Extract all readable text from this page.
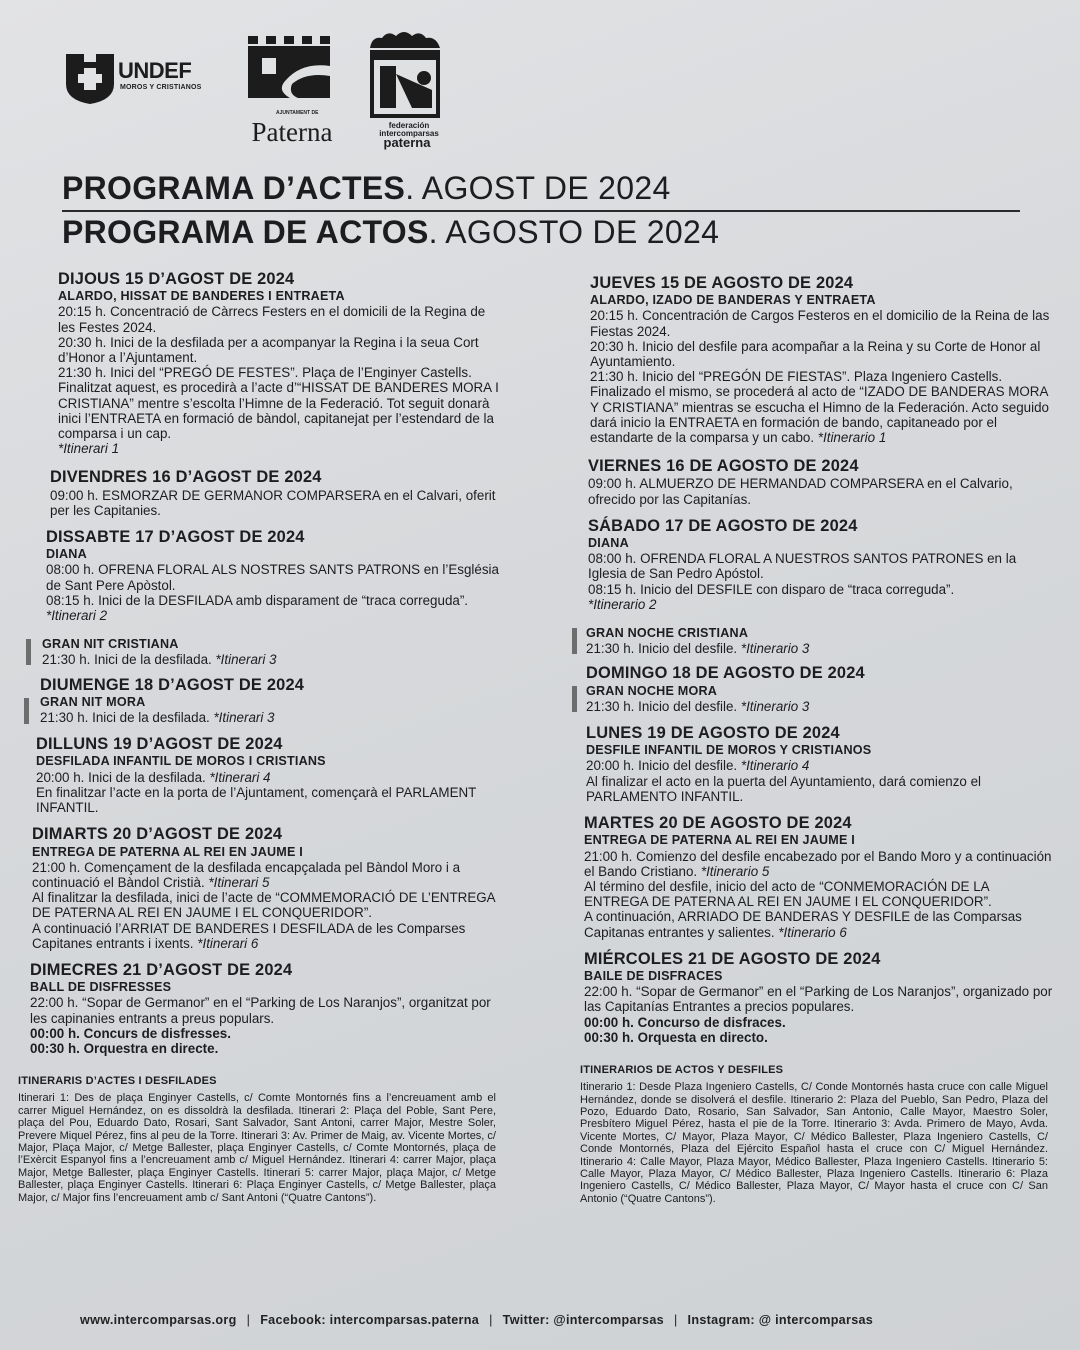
UNDEF
MOROS Y CRISTIANOS
AJUNTAMENT DE
Paterna	federación intercomparsas
paterna
PROGRAMA D’ACTES. AGOST DE 2024
PROGRAMA DE ACTOS. AGOSTO DE 2024
DIJOUS 15 D’AGOST DE 2024
ALARDO, HISSAT DE BANDERES I ENTRAETA
20:15 h. Concentració de Càrrecs Festers en el domicili de la Regina de les Festes 2024.
20:30 h. Inici de la desfilada per a acompanyar la Regina i la seua Cort d’Honor a l’Ajuntament.
21:30 h. Inici del “PREGÓ DE FESTES”. Plaça de l’Enginyer Castells. Finalitzat aquest, es procedirà a l’acte d’“HISSAT DE BANDERES MORA I CRISTIANA” mentre s’escolta l’Himne de la Federació. Tot seguit donarà inici l’ENTRAETA en formació de bàndol, capitanejat per l’estendard de la comparsa i un cap.
*Itinerari 1
DIVENDRES 16 D’AGOST DE 2024
09:00 h. ESMORZAR DE GERMANOR COMPARSERA en el Calvari, oferit per les Capitanies.
DISSABTE 17 D’AGOST DE 2024
DIANA
08:00 h. OFRENA FLORAL ALS NOSTRES SANTS PATRONS en l’Església de Sant Pere Apòstol.
08:15 h. Inici de la DESFILADA amb disparament de “traca correguda”.
*Itinerari 2
GRAN NIT CRISTIANA
21:30 h. Inici de la desfilada. *Itinerari 3
DIUMENGE 18 D’AGOST DE 2024
GRAN NIT MORA
21:30 h. Inici de la desfilada. *Itinerari 3
DILLUNS 19 D’AGOST DE 2024
DESFILADA INFANTIL DE MOROS I CRISTIANS
20:00 h. Inici de la desfilada. *Itinerari 4
En finalitzar l’acte en la porta de l’Ajuntament, començarà el PARLAMENT INFANTIL.
DIMARTS 20 D’AGOST DE 2024
ENTREGA DE PATERNA AL REI EN JAUME I
21:00 h. Començament de la desfilada encapçalada pel Bàndol Moro i a continuació el Bàndol Cristià. *Itinerari 5
Al finalitzar la desfilada, inici de l’acte de “COMMEMORACIÓ DE L’ENTREGA DE PATERNA AL REI EN JAUME I EL CONQUERIDOR”.
A continuació l’ARRIAT DE BANDERES I DESFILADA de les Comparses Capitanes entrants i ixents. *Itinerari 6
DIMECRES 21 D’AGOST DE 2024
BALL DE DISFRESSES
22:00 h. “Sopar de Germanor” en el “Parking de Los Naranjos”, organitzat por les capinanies entrants a preus populars.
00:00 h. Concurs de disfresses.
00:30 h. Orquestra en directe.
ITINERARIS D’ACTES I DESFILADES
Itinerari 1: Des de plaça Enginyer Castells, c/ Comte Montornés fins a l’encreuament amb el carrer Miguel Hernández, on es dissoldrà la desfilada. Itinerari 2: Plaça del Poble, Sant Pere, plaça del Pou, Eduardo Dato, Rosari, Sant Salvador, Sant Antoni, carrer Major, Mestre Soler, Prevere Miquel Pérez, fins al peu de la Torre. Itinerari 3: Av. Primer de Maig, av. Vicente Mortes, c/ Major, Plaça Major, c/ Metge Ballester, plaça Enginyer Castells, c/ Comte Montornés, plaça de l’Exèrcit Espanyol fins a l’encreuament amb c/ Miguel Hernández. Itinerari 4: carrer Major, plaça Major, Metge Ballester, plaça Enginyer Castells. Itinerari 5: carrer Major, plaça Major, c/ Metge Ballester, plaça Enginyer Castells. Itinerari 6: Plaça Enginyer Castells, c/ Metge Ballester, plaça Major, c/ Major fins l’encreuament amb c/ Sant Antoni (“Quatre Cantons”).
JUEVES 15 DE AGOSTO DE 2024
ALARDO, IZADO DE BANDERAS Y ENTRAETA
20:15 h. Concentración de Cargos Festeros en el domicilio de la Reina de las Fiestas 2024.
20:30 h. Inicio del desfile para acompañar a la Reina y su Corte de Honor al Ayuntamiento.
21:30 h. Inicio del “PREGÓN DE FIESTAS”. Plaza Ingeniero Castells. Finalizado el mismo, se procederá al acto de “IZADO DE BANDERAS MORA Y CRISTIANA” mientras se escucha el Himno de la Federación. Acto seguido dará inicio la ENTRAETA en formación de bando, capitaneado por el estandarte de la comparsa y un cabo. *Itinerario 1
VIERNES 16 DE AGOSTO DE 2024
09:00 h. ALMUERZO DE HERMANDAD COMPARSERA en el Calvario, ofrecido por las Capitanías.
SÁBADO 17 DE AGOSTO DE 2024
DIANA
08:00 h. OFRENDA FLORAL A NUESTROS SANTOS PATRONES en la Iglesia de San Pedro Apóstol.
08:15 h. Inicio del DESFILE con disparo de “traca correguda”.
*Itinerario 2
GRAN NOCHE CRISTIANA
21:30 h. Inicio del desfile. *Itinerario 3
DOMINGO 18 DE AGOSTO DE 2024
GRAN NOCHE MORA
21:30 h. Inicio del desfile. *Itinerario 3
LUNES 19 DE AGOSTO DE 2024
DESFILE INFANTIL DE MOROS Y CRISTIANOS
20:00 h. Inicio del desfile. *Itinerario 4
Al finalizar el acto en la puerta del Ayuntamiento, dará comienzo el PARLAMENTO INFANTIL.
MARTES 20 DE AGOSTO DE 2024
ENTREGA DE PATERNA AL REI EN JAUME I
21:00 h. Comienzo del desfile encabezado por el Bando Moro y a continuación el Bando Cristiano. *Itinerario 5
Al término del desfile, inicio del acto de “CONMEMORACIÓN DE LA ENTREGA DE PATERNA AL REI EN JAUME I EL CONQUERIDOR”.
A continuación, ARRIADO DE BANDERAS Y DESFILE de las Comparsas Capitanas entrantes y salientes. *Itinerario 6
MIÉRCOLES 21 DE AGOSTO DE 2024
BAILE DE DISFRACES
22:00 h. “Sopar de Germanor” en el “Parking de Los Naranjos”, organizado por las Capitanías Entrantes a precios populares.
00:00 h. Concurso de disfraces.
00:30 h. Orquesta en directo.
ITINERARIOS DE ACTOS Y DESFILES
Itinerario 1: Desde Plaza Ingeniero Castells, C/ Conde Montornés hasta cruce con calle Miguel Hernández, donde se disolverá el desfile. Itinerario 2: Plaza del Pueblo, San Pedro, Plaza del Pozo, Eduardo Dato, Rosario, San Salvador, San Antonio, Calle Mayor, Maestro Soler, Presbítero Miguel Pérez, hasta el pie de la Torre. Itinerario 3: Avda. Primero de Mayo, Avda. Vicente Mortes, C/ Mayor, Plaza Mayor, C/ Médico Ballester, Plaza Ingeniero Castells, C/ Conde Montornés, Plaza del Ejército Español hasta el cruce con C/ Miguel Hernández. Itinerario 4: Calle Mayor, Plaza Mayor, Médico Ballester, Plaza Ingeniero Castells. Itinerario 5: Calle Mayor, Plaza Mayor, C/ Médico Ballester, Plaza Ingeniero Castells. Itinerario 6: Plaza Ingeniero Castells, C/ Médico Ballester, Plaza Mayor, C/ Mayor hasta el cruce con C/ San Antonio (“Quatre Cantons”).
www.intercomparsas.org | Facebook: intercomparsas.paterna | Twitter: @intercomparsas | Instagram: @ intercomparsas
